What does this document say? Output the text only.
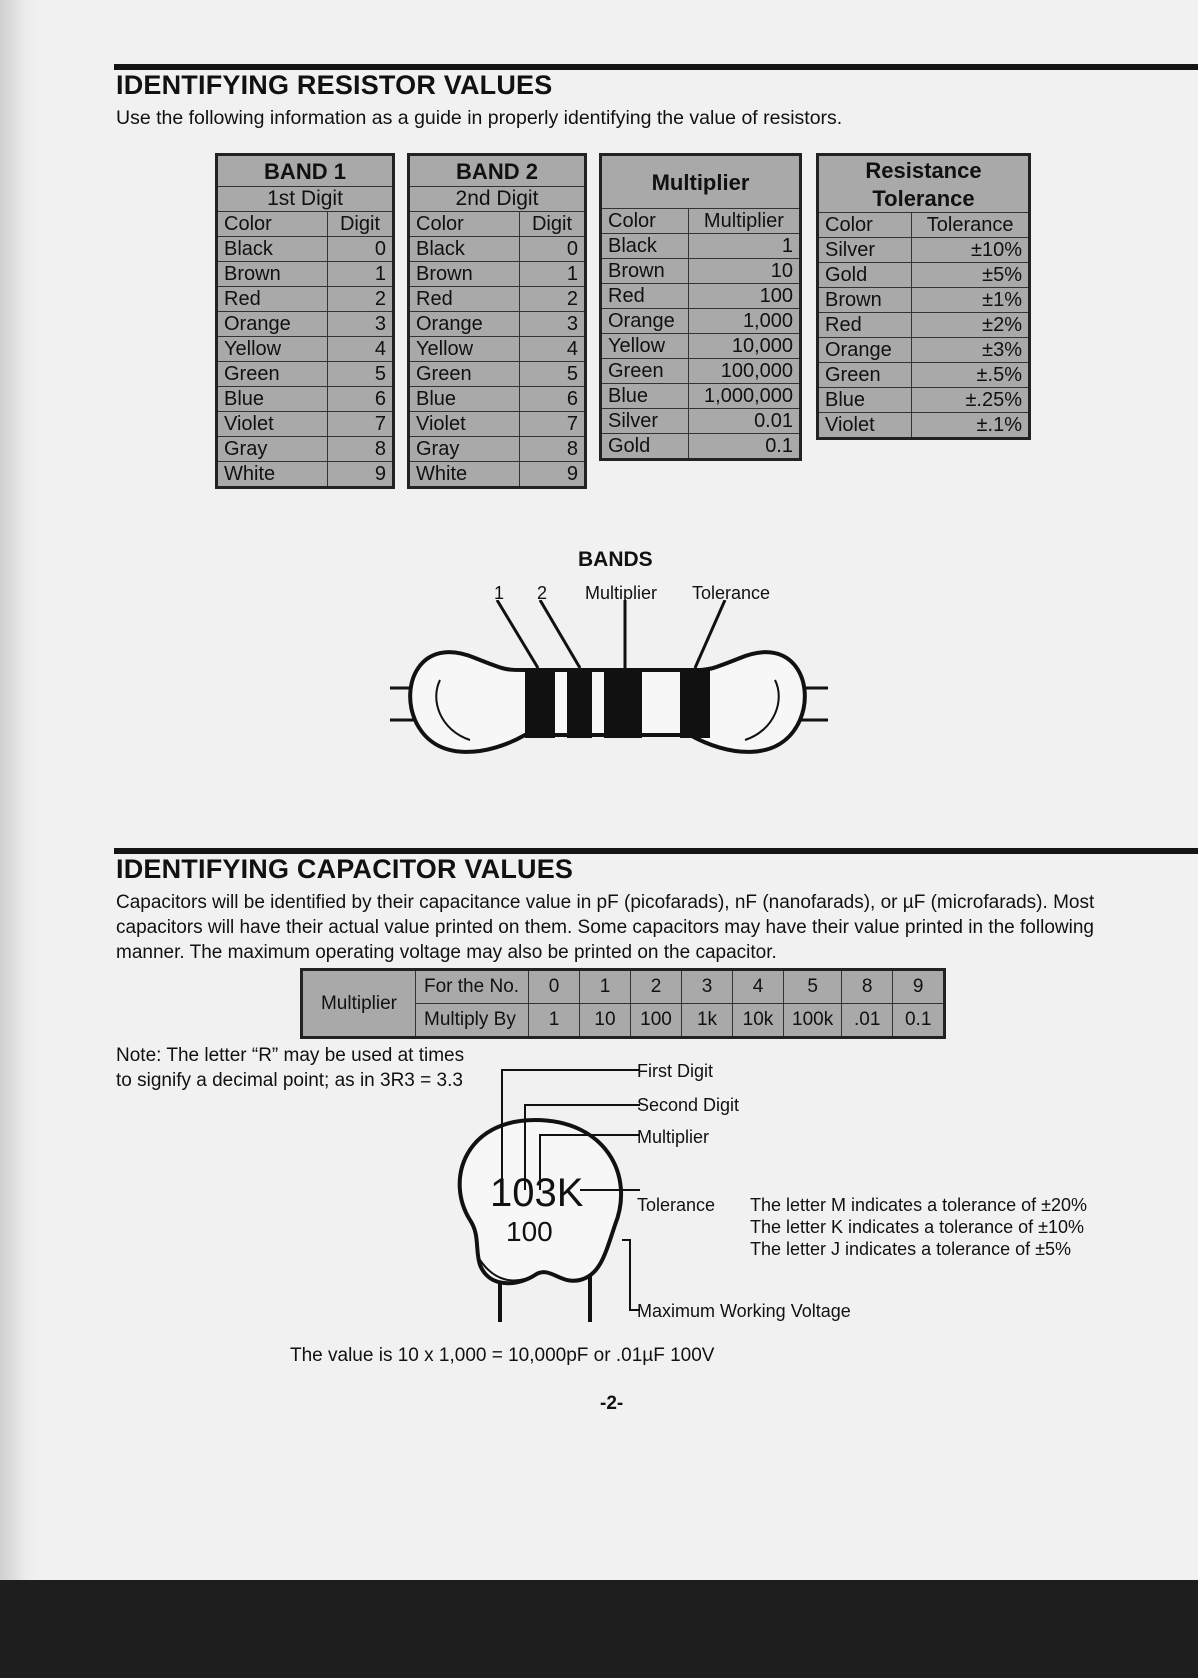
IDENTIFYING RESISTOR VALUES
Use the following information as a guide in properly identifying the value of resistors.
BAND 1	
1st Digit	
Color	Digit
Black	0
Brown	1
Red	2
Orange	3
Yellow	4
Green	5
Blue	6
Violet	7
Gray	8
White	9
BAND 2	
2nd Digit	
Color	Digit
Black	0
Brown	1
Red	2
Orange	3
Yellow	4
Green	5
Blue	6
Violet	7
Gray	8
White	9
Multiplier	
Color	Multiplier
Black	1
Brown	10
Red	100
Orange	1,000
Yellow	10,000
Green	100,000
Blue	1,000,000
Silver	0.01
Gold	0.1
Resistance	
Tolerance	
Color	Tolerance
Silver	±10%
Gold	±5%
Brown	±1%
Red	±2%
Orange	±3%
Green	±.5%
Blue	±.25%
Violet	±.1%
BANDS
1 2 Multiplier Tolerance
IDENTIFYING CAPACITOR VALUES
Capacitors will be identified by their capacitance value in pF (picofarads), nF (nanofarads), or µF (microfarads). Most
capacitors will have their actual value printed on them. Some capacitors may have their value printed in the following
manner. The maximum operating voltage may also be printed on the capacitor.
Multiplier	For the No.	0	1	2	3	4	5	8	9
	Multiply By	1	10	100	1k	10k	100k	.01	0.1
Note: The letter “R” may be used at times
to signify a decimal point; as in 3R3 = 3.3
103K
100
First Digit
Second Digit
Multiplier
Tolerance
Maximum Working Voltage
The letter M indicates a tolerance of ±20%
The letter K indicates a tolerance of ±10%
The letter J indicates a tolerance of ±5%
The value is 10 x 1,000 = 10,000pF or .01µF 100V
-2-
